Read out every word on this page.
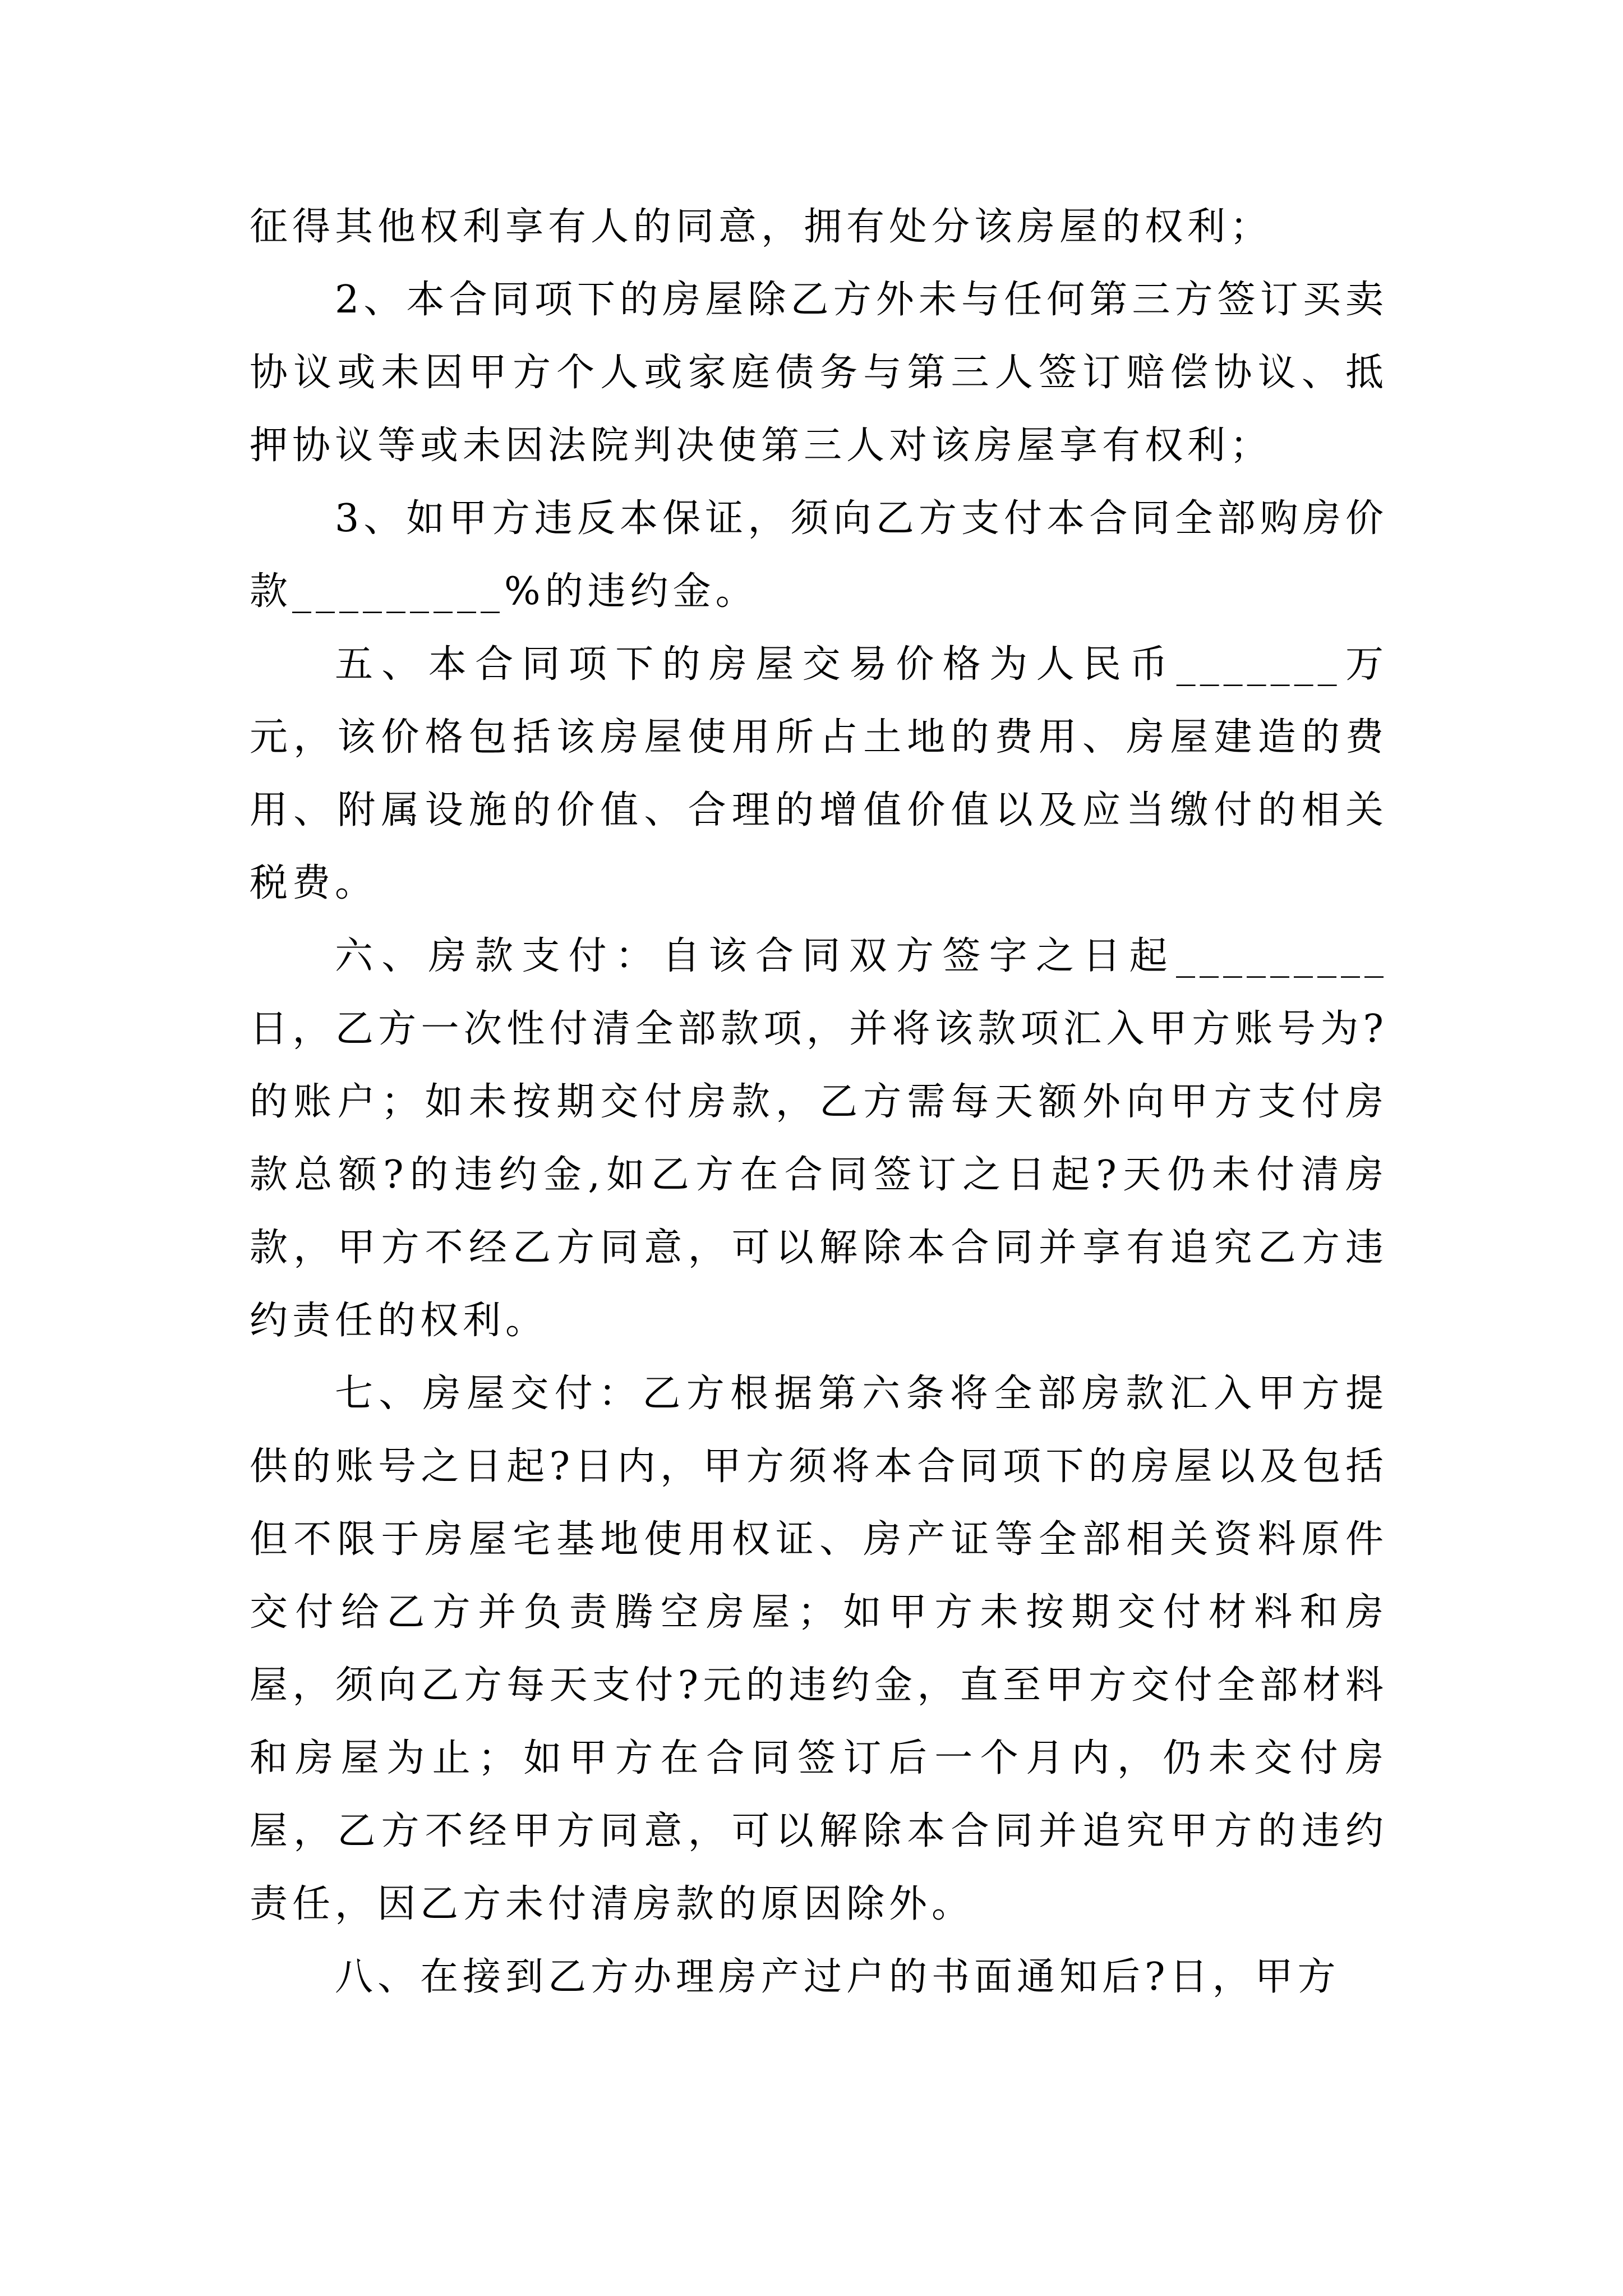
征得其他权利享有人的同意，拥有处分该房屋的权利；

2、本合同项下的房屋除乙方外未与任何第三方签订买卖协议或未因甲方个人或家庭债务与第三人签订赔偿协议、抵押协议等或未因法院判决使第三人对该房屋享有权利；

3、如甲方违反本保证，须向乙方支付本合同全部购房价款_________%的违约金。

五、本合同项下的房屋交易价格为人民币_______万元，该价格包括该房屋使用所占土地的费用、房屋建造的费用、附属设施的价值、合理的增值价值以及应当缴付的相关税费。

六、房款支付：自该合同双方签字之日起_________日，乙方一次性付清全部款项，并将该款项汇入甲方账号为?的账户；如未按期交付房款，乙方需每天额外向甲方支付房款总额?的违约金,如乙方在合同签订之日起?天仍未付清房款，甲方不经乙方同意，可以解除本合同并享有追究乙方违约责任的权利。

七、房屋交付：乙方根据第六条将全部房款汇入甲方提供的账号之日起?日内，甲方须将本合同项下的房屋以及包括但不限于房屋宅基地使用权证、房产证等全部相关资料原件交付给乙方并负责腾空房屋；如甲方未按期交付材料和房屋，须向乙方每天支付?元的违约金，直至甲方交付全部材料和房屋为止；如甲方在合同签订后一个月内，仍未交付房屋，乙方不经甲方同意，可以解除本合同并追究甲方的违约责任，因乙方未付清房款的原因除外。

八、在接到乙方办理房产过户的书面通知后?日，甲方
